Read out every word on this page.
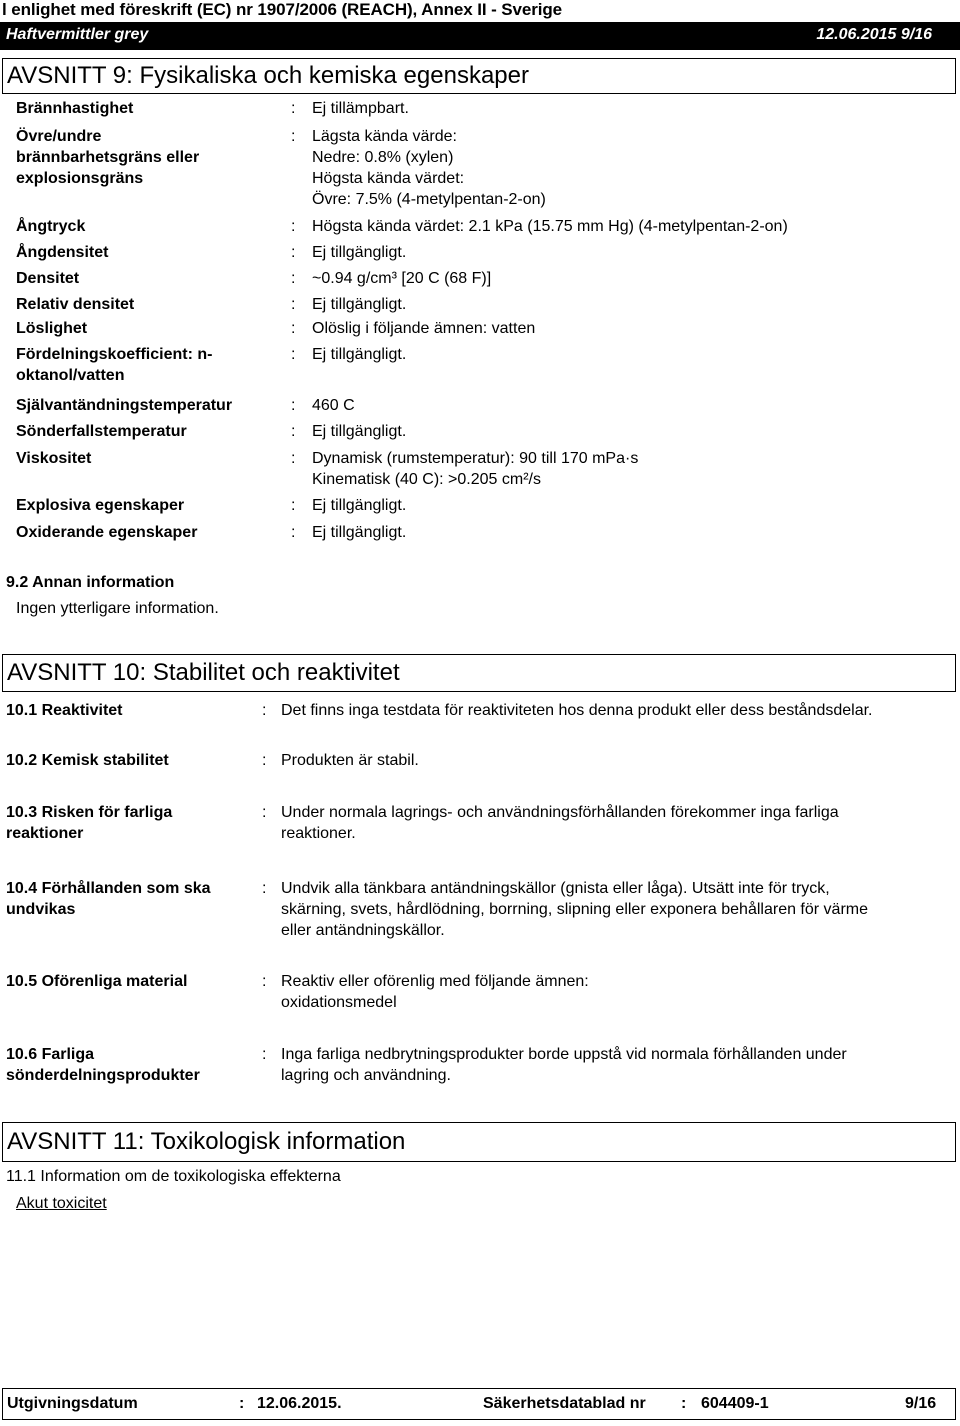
l enlighet med föreskrift (EC) nr 1907/2006 (REACH), Annex II - Sverige
Haftvermittler grey	12.06.2015 9/16
AVSNITT 9: Fysikaliska och kemiska egenskaper
Brännhastighet	: Ej tillämpbart.
Övre/undre
brännbarhetsgräns eller
explosionsgräns
: Lägsta kända värde:
Nedre: 0.8% (xylen)
Högsta kända värdet:
Övre: 7.5% (4-metylpentan-2-on)
Ångtryck	: Högsta kända värdet: 2.1 kPa (15.75 mm Hg) (4-metylpentan-2-on)
Ångdensitet	: Ej tillgängligt.
Densitet	: ~0.94 g/cm³ [20 C (68 F)]
Relativ densitet	: Ej tillgängligt.
Löslighet	: Olöslig i följande ämnen: vatten
Fördelningskoefficient: n-
oktanol/vatten
: Ej tillgängligt.
Självantändningstemperatur	: 460 C
Sönderfallstemperatur	: Ej tillgängligt.
Viskositet	: Dynamisk (rumstemperatur): 90 till 170 mPa·s
Kinematisk (40 C): >0.205 cm²/s
Explosiva egenskaper	: Ej tillgängligt.
Oxiderande egenskaper	: Ej tillgängligt.
9.2 Annan information
Ingen ytterligare information.
AVSNITT 10: Stabilitet och reaktivitet
10.1 Reaktivitet	: Det finns inga testdata för reaktiviteten hos denna produkt eller dess beståndsdelar.
10.2 Kemisk stabilitet	: Produkten är stabil.
10.3 Risken för farliga
reaktioner
: Under normala lagrings- och användningsförhållanden förekommer inga farliga
reaktioner.
10.4 Förhållanden som ska
undvikas
: Undvik alla tänkbara antändningskällor (gnista eller låga). Utsätt inte för tryck,
skärning, svets, hårdlödning, borrning, slipning eller exponera behållaren för värme
eller antändningskällor.
10.5 Oförenliga material	: Reaktiv eller oförenlig med följande ämnen:
oxidationsmedel
10.6 Farliga
sönderdelningsprodukter
: Inga farliga nedbrytningsprodukter borde uppstå vid normala förhållanden under
lagring och användning.
AVSNITT 11: Toxikologisk information
11.1 Information om de toxikologiska effekterna
Akut toxicitet
Utgivningsdatum	: 12.06.2015.	Säkerhetsdatablad nr : 604409-1	9/16
